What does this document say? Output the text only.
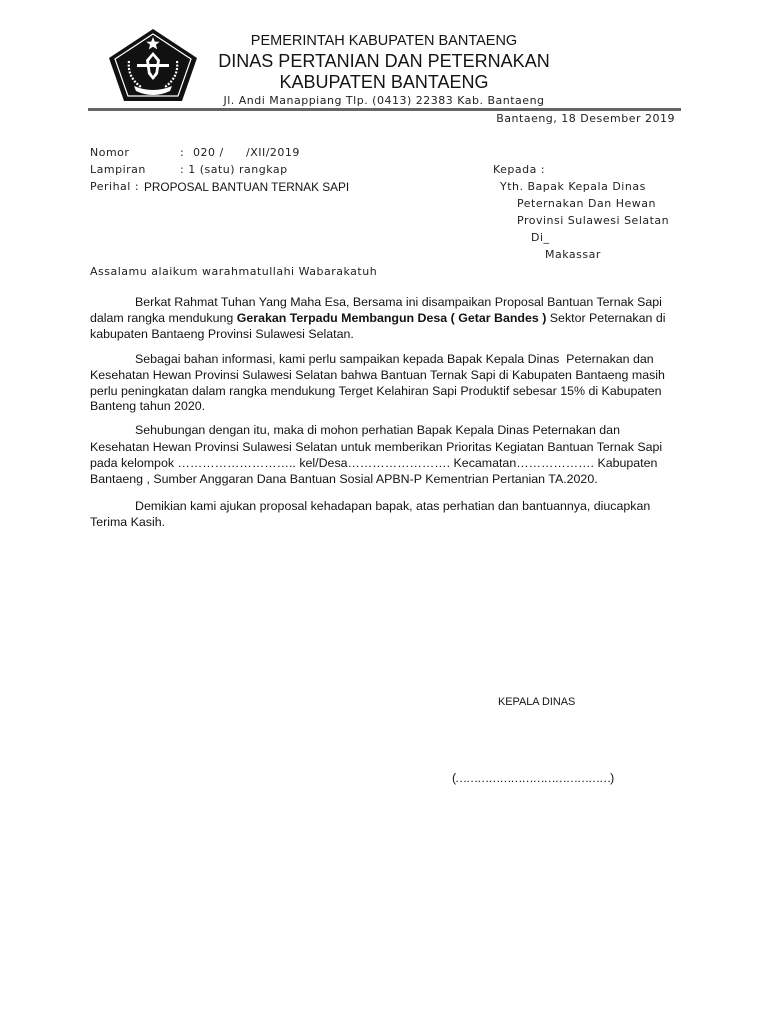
PEMERINTAH KABUPATEN BANTAENG
DINAS PERTANIAN DAN PETERNAKAN
KABUPATEN BANTAENG
Jl. Andi Manappiang Tlp. (0413) 22383 Kab. Bantaeng
Bantaeng, 18 Desember 2019
Nomor	: 020 / /XII/2019
Lampiran	: 1 (satu) rangkap
Perihal : PROPOSAL BANTUAN TERNAK SAPI
Kepada :
Yth. Bapak Kepala Dinas
Peternakan Dan Hewan
Provinsi Sulawesi Selatan
Di_
Makassar
Assalamu alaikum warahmatullahi Wabarakatuh
Berkat Rahmat Tuhan Yang Maha Esa, Bersama ini disampaikan Proposal Bantuan Ternak Sapi
dalam rangka mendukung Gerakan Terpadu Membangun Desa ( Getar Bandes ) Sektor Peternakan di
kabupaten Bantaeng Provinsi Sulawesi Selatan.
Sebagai bahan informasi, kami perlu sampaikan kepada Bapak Kepala Dinas  Peternakan dan
Kesehatan Hewan Provinsi Sulawesi Selatan bahwa Bantuan Ternak Sapi di Kabupaten Bantaeng masih
perlu peningkatan dalam rangka mendukung Terget Kelahiran Sapi Produktif sebesar 15% di Kabupaten
Banteng tahun 2020.
Sehubungan dengan itu, maka di mohon perhatian Bapak Kepala Dinas Peternakan dan
Kesehatan Hewan Provinsi Sulawesi Selatan untuk memberikan Prioritas Kegiatan Bantuan Ternak Sapi
pada kelompok ……………………….. kel/Desa……………………. Kecamatan………………. Kabupaten
Bantaeng , Sumber Anggaran Dana Bantuan Sosial APBN-P Kementrian Pertanian TA.2020.
Demikian kami ajukan proposal kehadapan bapak, atas perhatian dan bantuannya, diucapkan
Terima Kasih.
KEPALA DINAS
(……………………………………)
